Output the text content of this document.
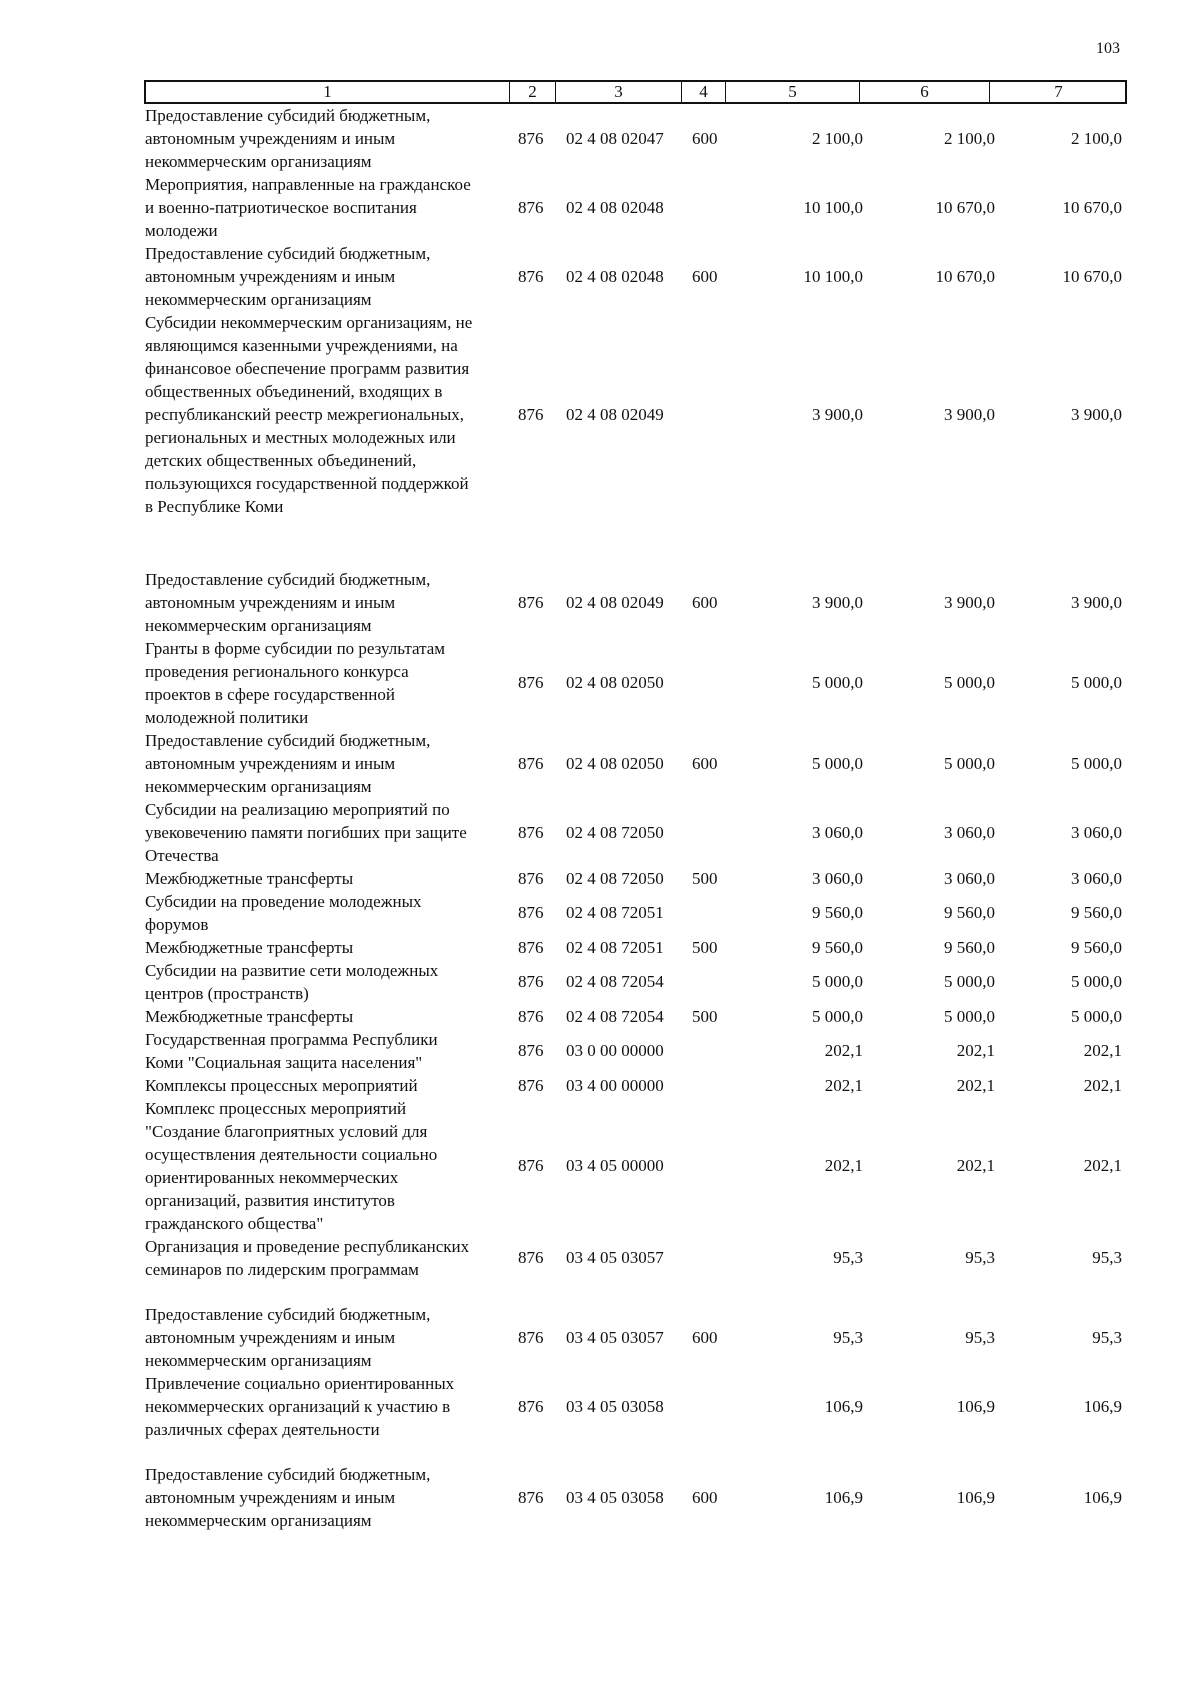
103
1	2	3	4	5	6	7
Предоставление субсидий бюджетным,
автономным учреждениям и иным
некоммерческим организациям
876 02 4 08 02047 600	2 100,0	2 100,0	2 100,0
Мероприятия, направленные на гражданское
и военно-патриотическое воспитания
молодежи
876 02 4 08 02048	10 100,0	10 670,0	10 670,0
Предоставление субсидий бюджетным,
автономным учреждениям и иным
некоммерческим организациям
876 02 4 08 02048 600	10 100,0	10 670,0	10 670,0
Субсидии некоммерческим организациям, не
являющимся казенными учреждениями, на
финансовое обеспечение программ развития
общественных объединений, входящих в
республиканский реестр межрегиональных,
региональных и местных молодежных или
детских общественных объединений,
пользующихся государственной поддержкой
в Республике Коми
876 02 4 08 02049	3 900,0	3 900,0	3 900,0
Предоставление субсидий бюджетным,
автономным учреждениям и иным
некоммерческим организациям
876 02 4 08 02049 600	3 900,0	3 900,0	3 900,0
Гранты в форме субсидии по результатам
проведения регионального конкурса
проектов в сфере государственной
молодежной политики
876 02 4 08 02050	5 000,0	5 000,0	5 000,0
Предоставление субсидий бюджетным,
автономным учреждениям и иным
некоммерческим организациям
876 02 4 08 02050 600	5 000,0	5 000,0	5 000,0
Субсидии на реализацию мероприятий по
увековечению памяти погибших при защите
Отечества
876 02 4 08 72050	3 060,0	3 060,0	3 060,0
Межбюджетные трансферты	876 02 4 08 72050 500	3 060,0	3 060,0	3 060,0
Субсидии на проведение молодежных
форумов
876 02 4 08 72051	9 560,0	9 560,0	9 560,0
Межбюджетные трансферты	876 02 4 08 72051 500	9 560,0	9 560,0	9 560,0
Субсидии на развитие сети молодежных
центров (пространств)
876 02 4 08 72054	5 000,0	5 000,0	5 000,0
Межбюджетные трансферты	876 02 4 08 72054 500	5 000,0	5 000,0	5 000,0
Государственная программа Республики
Коми "Социальная защита населения"
876 03 0 00 00000	202,1	202,1	202,1
Комплексы процессных мероприятий	876 03 4 00 00000	202,1	202,1	202,1
Комплекс процессных мероприятий
"Создание благоприятных условий для
осуществления деятельности социально
ориентированных некоммерческих
организаций, развития институтов
гражданского общества"
876 03 4 05 00000	202,1	202,1	202,1
Организация и проведение республиканских
семинаров по лидерским программам
876 03 4 05 03057	95,3	95,3	95,3
Предоставление субсидий бюджетным,
автономным учреждениям и иным
некоммерческим организациям
876 03 4 05 03057 600	95,3	95,3	95,3
Привлечение социально ориентированных
некоммерческих организаций к участию в
различных сферах деятельности
876 03 4 05 03058	106,9	106,9	106,9
Предоставление субсидий бюджетным,
автономным учреждениям и иным
некоммерческим организациям
876 03 4 05 03058 600	106,9	106,9	106,9
